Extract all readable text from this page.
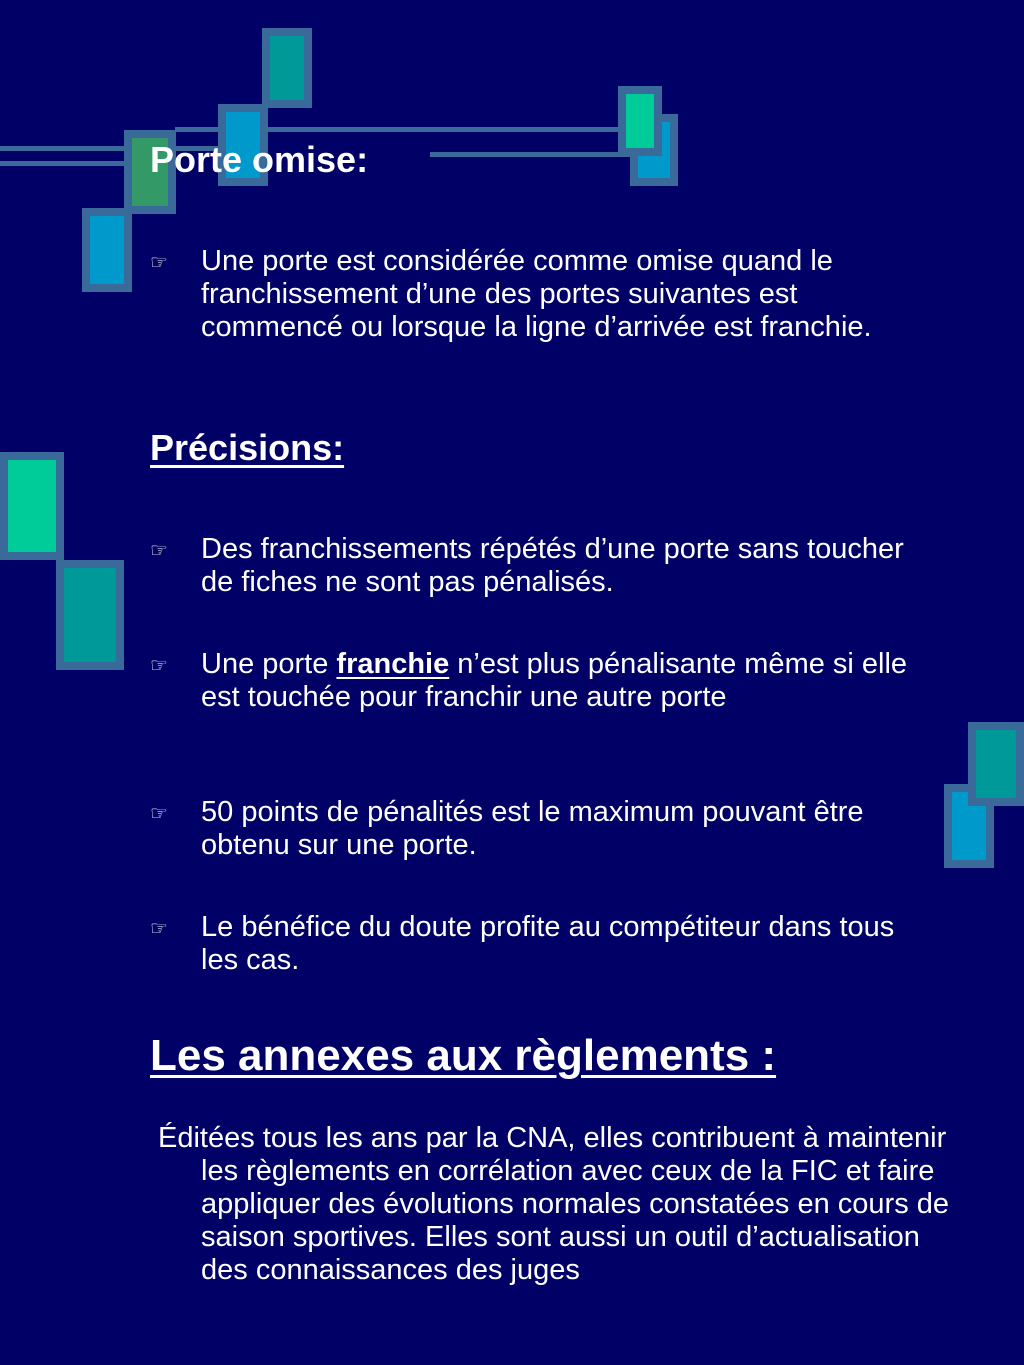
Porte omise:
☞	Une porte est considérée comme omise quand le franchissement d’une des portes suivantes est commencé ou lorsque la ligne d’arrivée est franchie.
Précisions:
☞	Des franchissements répétés d’une porte sans toucher de fiches ne sont pas pénalisés.
☞	Une porte franchie n’est plus pénalisante même si elle est touchée pour franchir une autre porte
☞	50 points de pénalités est le maximum pouvant être obtenu sur une porte.
☞	Le bénéfice du doute profite au compétiteur dans tous les cas.
Les annexes aux règlements :

Éditées tous les ans par la CNA, elles contribuent à maintenir les règlements en corrélation avec ceux de la FIC et faire appliquer des évolutions normales constatées en cours de saison sportives. Elles sont aussi un outil d’actualisation des connaissances des juges
